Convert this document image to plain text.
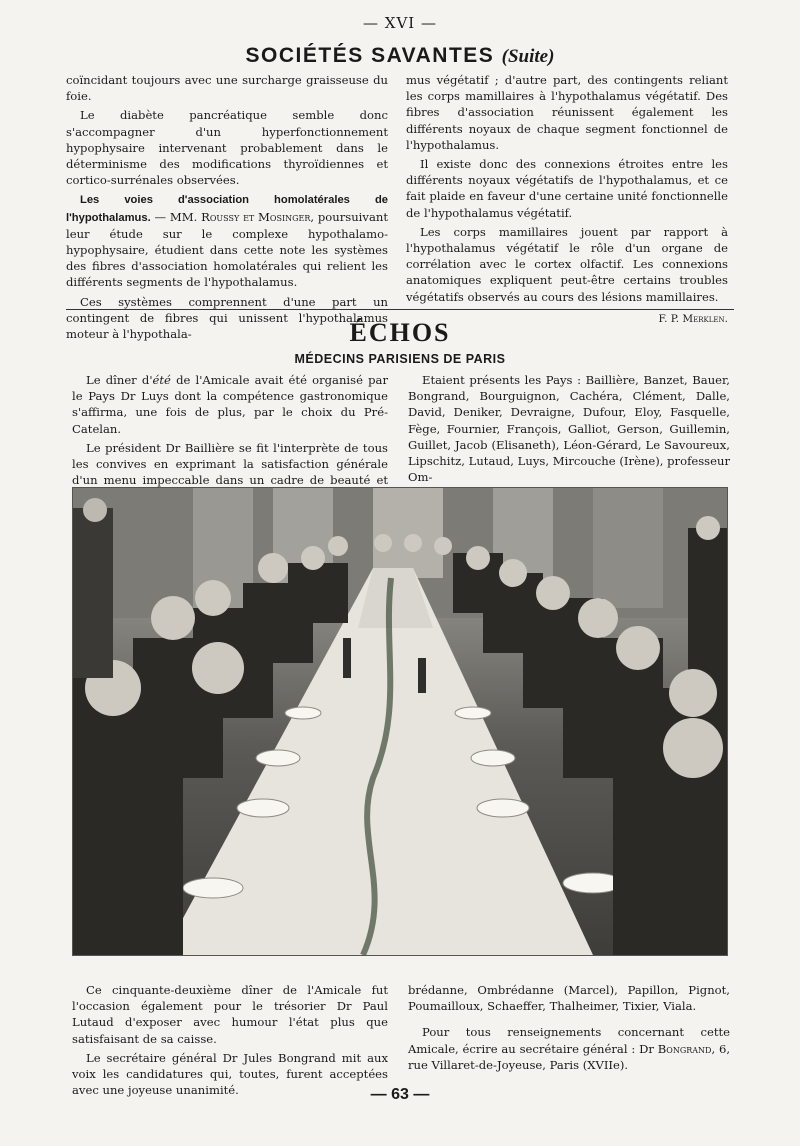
— XVI —
SOCIÉTÉS SAVANTES (Suite)

coïncidant toujours avec une surcharge graisseuse du foie.

Le diabète pancréatique semble donc s'accompagner d'un hyperfonctionnement hypophysaire intervenant probablement dans le déterminisme des modifications thyroïdiennes et cortico-surrénales observées.

Les voies d'association homolatérales de l'hypothalamus. — MM. Roussy et Mosinger, poursuivant leur étude sur le complexe hypothalamo-hypophysaire, étudient dans cette note les systèmes des fibres d'association homolatérales qui relient les différents segments de l'hypothalamus.

Ces systèmes comprennent d'une part un contingent de fibres qui unissent l'hypothalamus moteur à l'hypothala-

mus végétatif ; d'autre part, des contingents reliant les corps mamillaires à l'hypothalamus végétatif. Des fibres d'association réunissent également les différents noyaux de chaque segment fonctionnel de l'hypothalamus.

Il existe donc des connexions étroites entre les différents noyaux végétatifs de l'hypothalamus, et ce fait plaide en faveur d'une certaine unité fonctionnelle de l'hypothalamus végétatif.

Les corps mamillaires jouent par rapport à l'hypothalamus végétatif le rôle d'un organe de corrélation avec le cortex olfactif. Les connexions anatomiques expliquent peut-être certains troubles végétatifs observés au cours des lésions mamillaires.

F. P. Merklen.
ÉCHOS
MÉDECINS PARISIENS DE PARIS

Le dîner d'été de l'Amicale avait été organisé par le Pays Dr Luys dont la compétence gastronomique s'affirma, une fois de plus, par le choix du Pré-Catelan.

Le président Dr Baillière se fit l'interprète de tous les convives en exprimant la satisfaction générale d'un menu impeccable dans un cadre de beauté et

Etaient présents les Pays : Baillière, Banzet, Bauer, Bongrand, Bourguignon, Cachéra, Clément, Dalle, David, Deniker, Devraigne, Dufour, Eloy, Fasquelle, Fège, Fournier, François, Galliot, Gerson, Guillemin, Guillet, Jacob (Elisaneth), Léon-Gérard, Le Savoureux, Lipschitz, Lutaud, Luys, Mircouche (Irène), professeur Om-

Ce cinquante-deuxième dîner de l'Amicale fut l'occasion également pour le trésorier Dr Paul Lutaud d'exposer avec humour l'état plus que satisfaisant de sa caisse.

Le secrétaire général Dr Jules Bongrand mit aux voix les candidatures qui, toutes, furent acceptées avec une joyeuse unanimité.

brédanne, Ombrédanne (Marcel), Papillon, Pignot, Poumailloux, Schaeffer, Thalheimer, Tixier, Viala.

Pour tous renseignements concernant cette Amicale, écrire au secrétaire général : Dr Bongrand, 6, rue Villaret-de-Joyeuse, Paris (XVIIe).

— 63 —
